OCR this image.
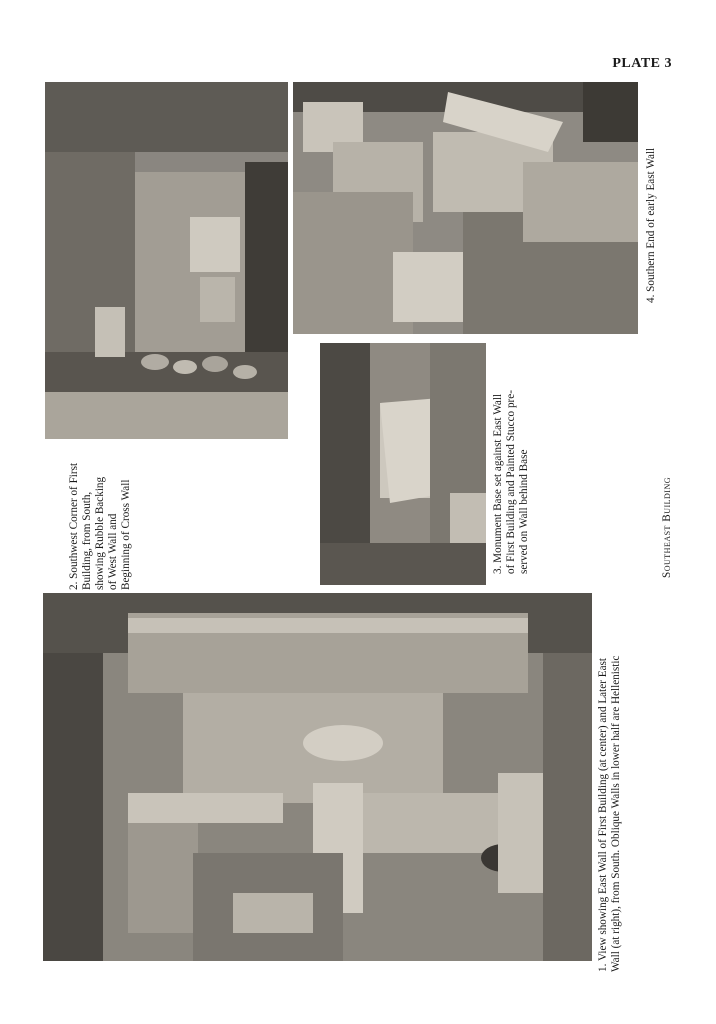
PLATE 3
1. View showing East Wall of First Building (at center) and Later East Wall (at right), from South. Oblique Walls in lower half are Hellenistic
2. Southwest Corner of First Building, from South, showing Rubble Backing of West Wall and Beginning of Cross Wall	3. Monument Base set against East Wall of First Building and Painted Stucco pre- served on Wall behind Base
4. Southern End of early East Wall
Southeast Building
